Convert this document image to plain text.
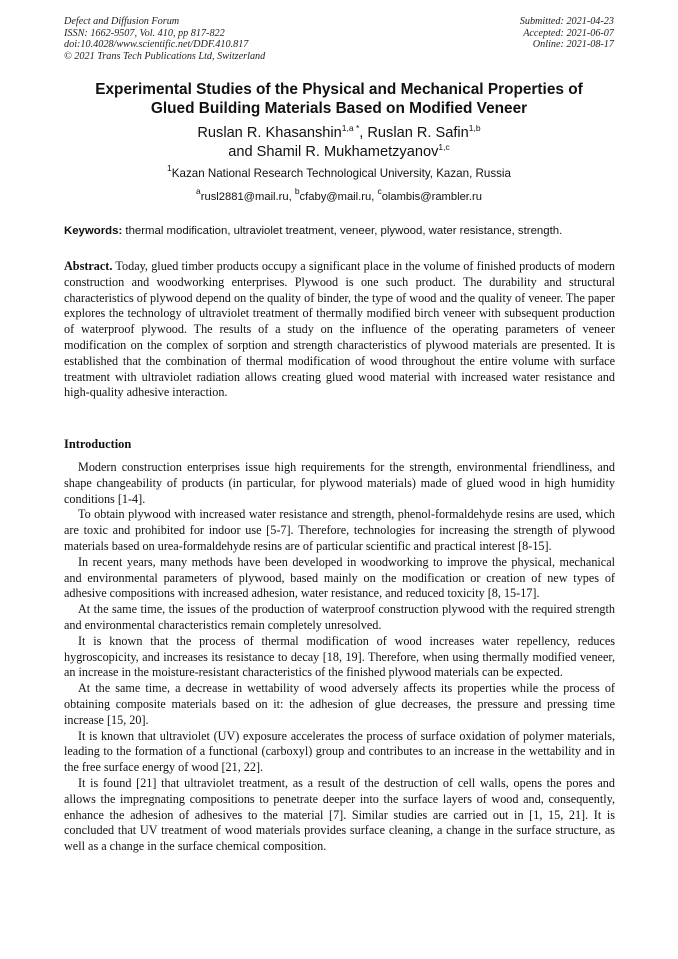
Defect and Diffusion Forum
ISSN: 1662-9507, Vol. 410, pp 817-822
doi:10.4028/www.scientific.net/DDF.410.817
© 2021 Trans Tech Publications Ltd, Switzerland
Submitted: 2021-04-23
Accepted: 2021-06-07
Online: 2021-08-17
Experimental Studies of the Physical and Mechanical Properties of
Glued Building Materials Based on Modified Veneer
Ruslan R. Khasanshin$^{1,a *}$, Ruslan R. Safin$^{1,b}$
and Shamil R. Mukhametzyanov$^{1,c}$
$^1$Kazan National Research Technological University, Kazan, Russia
$^a$rusl2881@mail.ru, $^b$cfaby@mail.ru, $^c$olambis@rambler.ru
Keywords: thermal modification, ultraviolet treatment, veneer, plywood, water resistance, strength.
Abstract. Today, glued timber products occupy a significant place in the volume of finished products of modern construction and woodworking enterprises. Plywood is one such product. The durability and structural characteristics of plywood depend on the quality of binder, the type of wood and the quality of veneer. The paper explores the technology of ultraviolet treatment of thermally modified birch veneer with subsequent production of waterproof plywood. The results of a study on the influence of the operating parameters of veneer modification on the complex of sorption and strength characteristics of plywood materials are presented. It is established that the combination of thermal modification of wood throughout the entire volume with surface treatment with ultraviolet radiation allows creating glued wood material with increased water resistance and high-quality adhesive interaction.
Introduction

Modern construction enterprises issue high requirements for the strength, environmental friendliness, and shape changeability of products (in particular, for plywood materials) made of glued wood in high humidity conditions [1-4].

To obtain plywood with increased water resistance and strength, phenol-formaldehyde resins are used, which are toxic and prohibited for indoor use [5-7]. Therefore, technologies for increasing the strength of plywood materials based on urea-formaldehyde resins are of particular scientific and practical interest [8-15].

In recent years, many methods have been developed in woodworking to improve the physical, mechanical and environmental parameters of plywood, based mainly on the modification or creation of new types of adhesive compositions with increased adhesion, water resistance, and reduced toxicity [8, 15-17].

At the same time, the issues of the production of waterproof construction plywood with the required strength and environmental characteristics remain completely unresolved.

It is known that the process of thermal modification of wood increases water repellency, reduces hygroscopicity, and increases its resistance to decay [18, 19]. Therefore, when using thermally modified veneer, an increase in the moisture-resistant characteristics of the finished plywood materials can be expected.

At the same time, a decrease in wettability of wood adversely affects its properties while the process of obtaining composite materials based on it: the adhesion of glue decreases, the pressure and pressing time increase [15, 20].

It is known that ultraviolet (UV) exposure accelerates the process of surface oxidation of polymer materials, leading to the formation of a functional (carboxyl) group and contributes to an increase in the wettability and in the free surface energy of wood [21, 22].

It is found [21] that ultraviolet treatment, as a result of the destruction of cell walls, opens the pores and allows the impregnating compositions to penetrate deeper into the surface layers of wood and, consequently, enhance the adhesion of adhesives to the material [7]. Similar studies are carried out in [1, 15, 21]. It is concluded that UV treatment of wood materials provides surface cleaning, a change in the surface structure, as well as a change in the surface chemical composition.
